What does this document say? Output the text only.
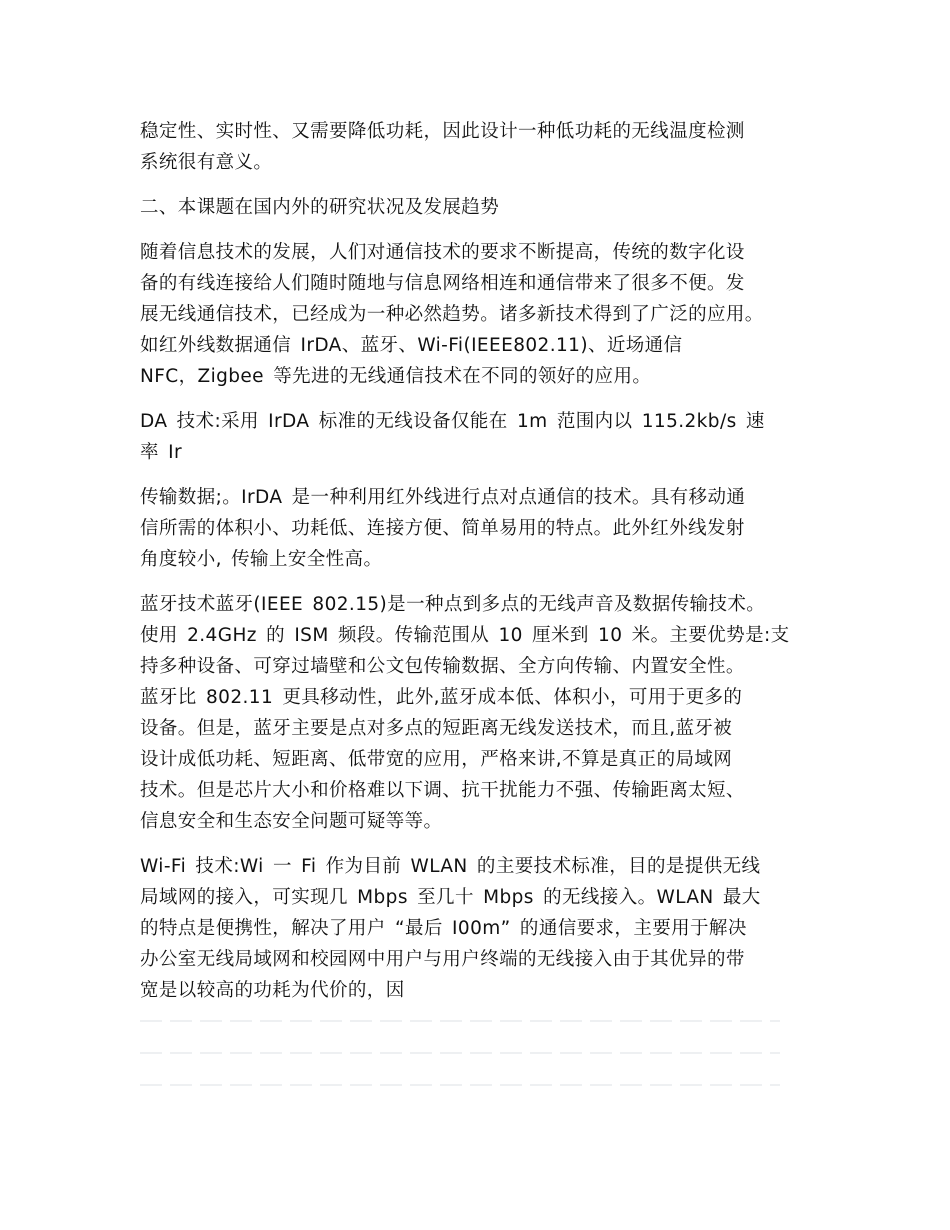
稳定性、实时性、又需要降低功耗，因此设计一种低功耗的无线温度检测
系统很有意义。
二、本课题在国内外的研究状况及发展趋势
随着信息技术的发展，人们对通信技术的要求不断提高，传统的数字化设
备的有线连接给人们随时随地与信息网络相连和通信带来了很多不便。发
展无线通信技术，已经成为一种必然趋势。诸多新技术得到了广泛的应用。
如红外线数据通信 IrDA、蓝牙、Wi-Fi(IEEE802.11)、近场通信
NFC，Zigbee 等先进的无线通信技术在不同的领好的应用。
DA 技术:采用 IrDA 标准的无线设备仅能在 1m 范围内以 115.2kb/s 速
率 Ir
传输数据;。IrDA 是一种利用红外线进行点对点通信的技术。具有移动通
信所需的体积小、功耗低、连接方便、简单易用的特点。此外红外线发射
角度较小, 传输上安全性高。
蓝牙技术蓝牙(IEEE 802.15)是一种点到多点的无线声音及数据传输技术。
使用 2.4GHz 的 ISM 频段。传输范围从 10 厘米到 10 米。主要优势是:支
持多种设备、可穿过墙壁和公文包传输数据、全方向传输、内置安全性。
蓝牙比 802.11 更具移动性，此外,蓝牙成本低、体积小，可用于更多的
设备。但是，蓝牙主要是点对多点的短距离无线发送技术，而且,蓝牙被
设计成低功耗、短距离、低带宽的应用，严格来讲,不算是真正的局域网
技术。但是芯片大小和价格难以下调、抗干扰能力不强、传输距离太短、
信息安全和生态安全问题可疑等等。
Wi-Fi 技术:Wi 一 Fi 作为目前 WLAN 的主要技术标准，目的是提供无线
局域网的接入，可实现几 Mbps 至几十 Mbps 的无线接入。WLAN 最大
的特点是便携性，解决了用户 “最后 I00m” 的通信要求，主要用于解决
办公室无线局域网和校园网中用户与用户终端的无线接入由于其优异的带
宽是以较高的功耗为代价的，因
